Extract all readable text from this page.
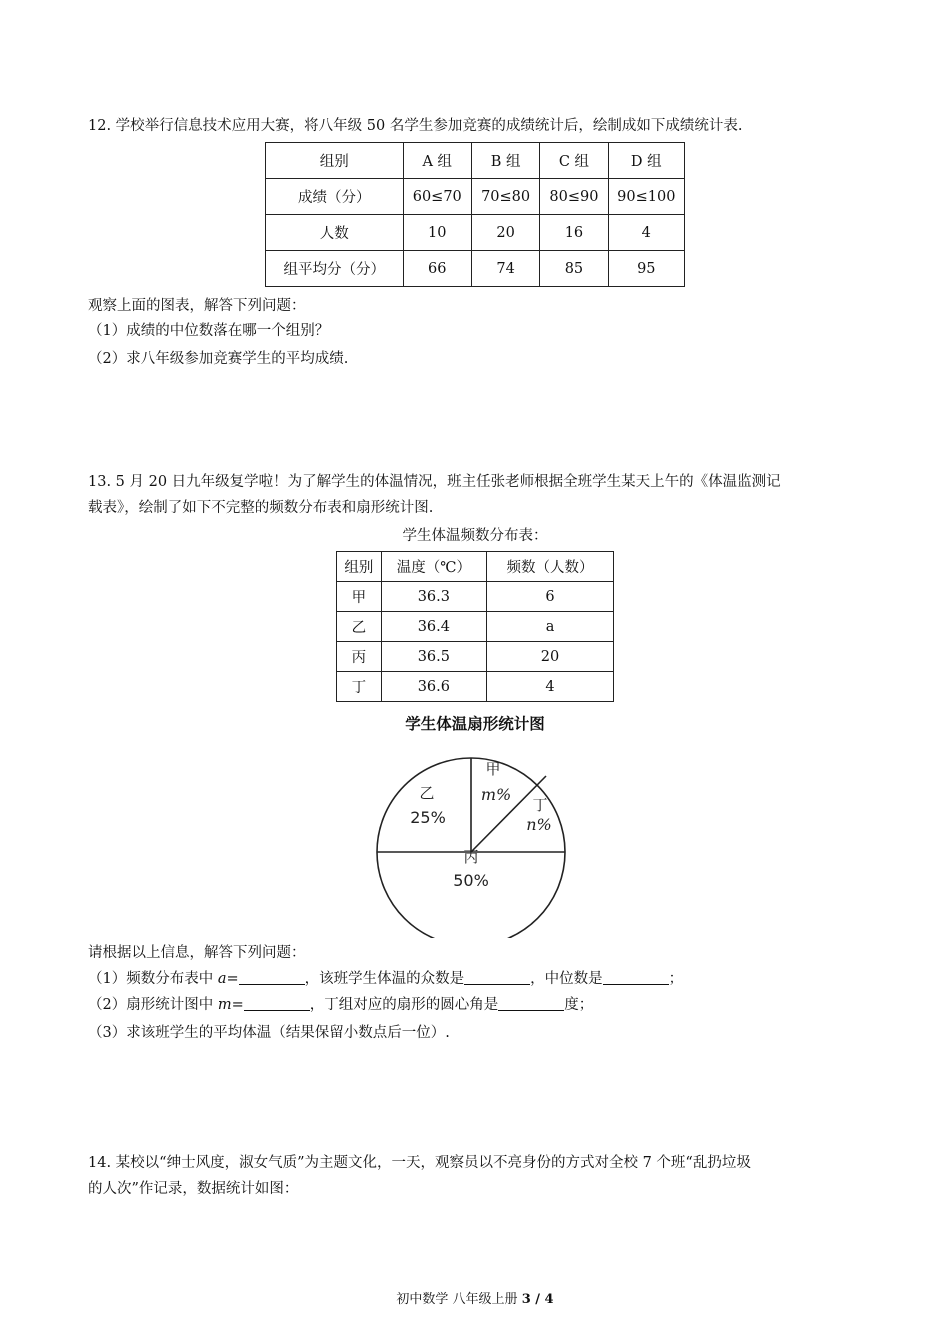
12. 学校举行信息技术应用大赛，将八年级 50 名学生参加竞赛的成绩统计后，绘制成如下成绩统计表.
组别	A 组	B 组	C 组	D 组
成绩（分）	60≤70	70≤80	80≤90	90≤100
人数	10	20	16	4
组平均分（分）	66	74	85	95
观察上面的图表，解答下列问题：
（1）成绩的中位数落在哪一个组别？
（2）求八年级参加竞赛学生的平均成绩.
13. 5 月 20 日九年级复学啦！为了解学生的体温情况，班主任张老师根据全班学生某天上午的《体温监测记
载表》，绘制了如下不完整的频数分布表和扇形统计图.
学生体温频数分布表：
组别	温度（℃）	频数（人数）
甲	36.3	6
乙	36.4	a
丙	36.5	20
丁	36.6	4
学生体温扇形统计图
甲
m%
丁
n%
丙
50%
乙
25%
请根据以上信息，解答下列问题：
（1）频数分布表中 a=	，该班学生体温的众数是	，中位数是	；
（2）扇形统计图中 m=	，丁组对应的扇形的圆心角是	度；
（3）求该班学生的平均体温（结果保留小数点后一位）.
14. 某校以“绅士风度，淑女气质”为主题文化，一天，观察员以不亮身份的方式对全校 7 个班“乱扔垃圾
的人次”作记录，数据统计如图：
初中数学 八年级上册 3 / 4
